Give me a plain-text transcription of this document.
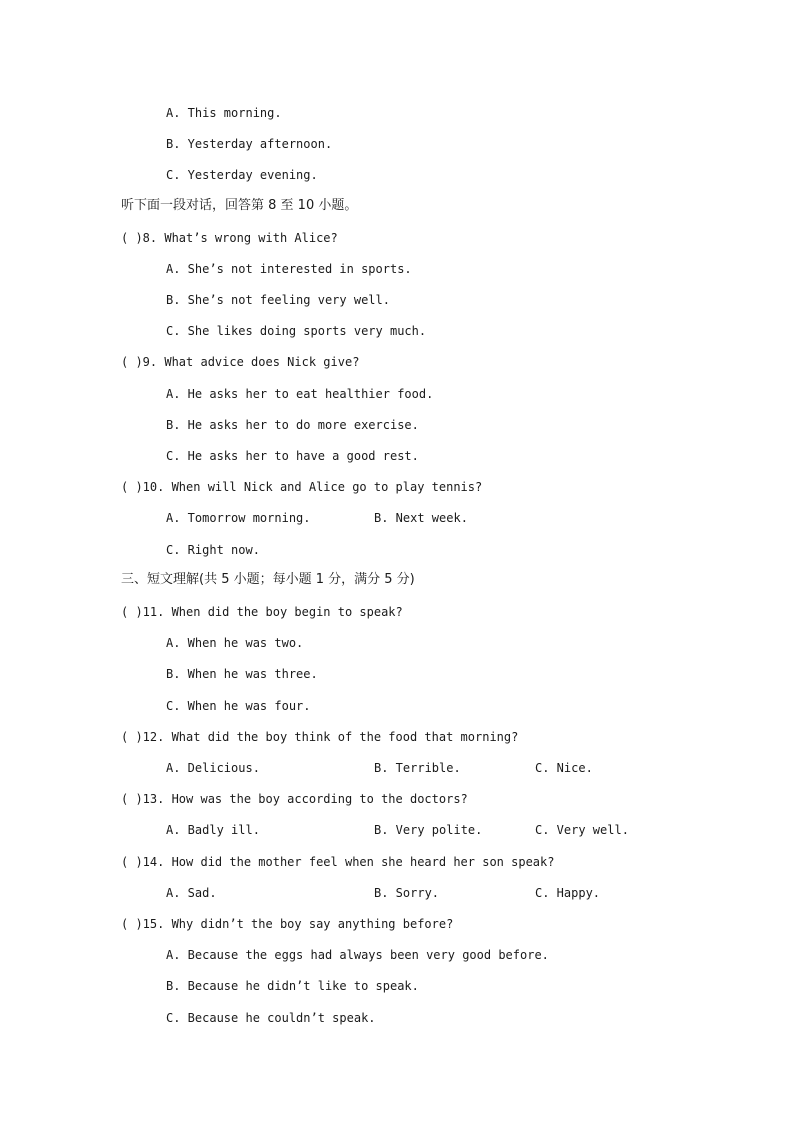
A. This morning.
B. Yesterday afternoon.
C. Yesterday evening.
听下面一段对话，回答第 8 至 10 小题。
( )8. What’s wrong with Alice?
A. She’s not interested in sports.
B. She’s not feeling very well.
C. She likes doing sports very much.
( )9. What advice does Nick give?
A. He asks her to eat healthier food.
B. He asks her to do more exercise.
C. He asks her to have a good rest.
( )10. When will Nick and Alice go to play tennis?
A. Tomorrow morning.	B. Next week.
C. Right now.
三、短文理解(共 5 小题；每小题 1 分，满分 5 分)
( )11. When did the boy begin to speak?
A. When he was two.
B. When he was three.
C. When he was four.
( )12. What did the boy think of the food that morning?
A. Delicious.	B. Terrible.	C. Nice.
( )13. How was the boy according to the doctors?
A. Badly ill.	B. Very polite.	C. Very well.
( )14. How did the mother feel when she heard her son speak?
A. Sad.	B. Sorry.	C. Happy.
( )15. Why didn’t the boy say anything before?
A. Because the eggs had always been very good before.
B. Because he didn’t like to speak.
C. Because he couldn’t speak.
